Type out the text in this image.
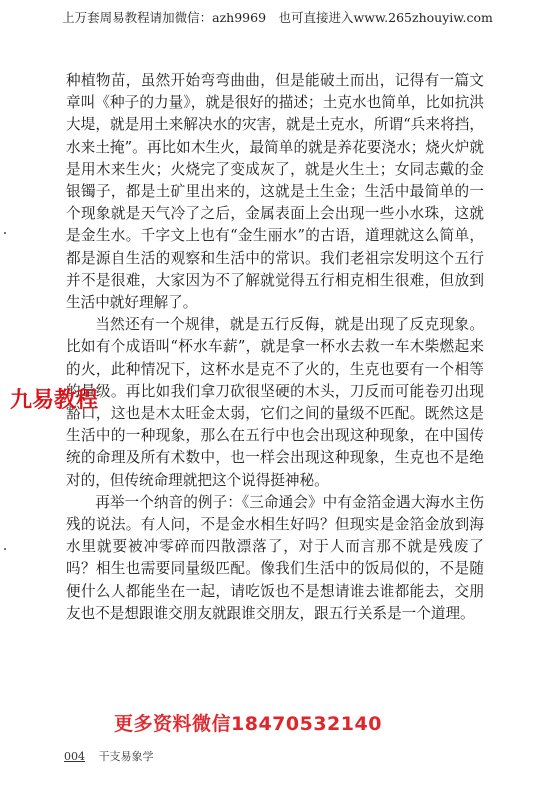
上万套周易教程请加微信：azh9969　也可直接进入www.265zhouyiw.com

种植物苗，虽然开始弯弯曲曲，但是能破土而出，记得有一篇文章叫《种子的力量》，就是很好的描述；土克水也简单，比如抗洪大堤，就是用土来解决水的灾害，就是土克水，所谓“兵来将挡，水来土掩”。再比如木生火，最简单的就是养花要浇水；烧火炉就是用木来生火；火烧完了变成灰了，就是火生土；女同志戴的金银镯子，都是土矿里出来的，这就是土生金；生活中最简单的一个现象就是天气冷了之后，金属表面上会出现一些小水珠，这就是金生水。千字文上也有“金生丽水”的古语，道理就这么简单，都是源自生活的观察和生活中的常识。我们老祖宗发明这个五行并不是很难，大家因为不了解就觉得五行相克相生很难，但放到生活中就好理解了。

当然还有一个规律，就是五行反侮，就是出现了反克现象。比如有个成语叫“杯水车薪”，就是拿一杯水去救一车木柴燃起来的火，此种情况下，这杯水是克不了火的，生克也要有一个相等的量级。再比如我们拿刀砍很坚硬的木头，刀反而可能卷刃出现豁口，这也是木太旺金太弱，它们之间的量级不匹配。既然这是生活中的一种现象，那么在五行中也会出现这种现象，在中国传统的命理及所有术数中，也一样会出现这种现象，生克也不是绝对的，但传统命理就把这个说得挺神秘。

再举一个纳音的例子：《三命通会》中有金箔金遇大海水主伤残的说法。有人问，不是金水相生好吗？但现实是金箔金放到海水里就要被冲零碎而四散漂落了，对于人而言那不就是残废了吗？相生也需要同量级匹配。像我们生活中的饭局似的，不是随便什么人都能坐在一起，请吃饭也不是想请谁去谁都能去，交朋友也不是想跟谁交朋友就跟谁交朋友，跟五行关系是一个道理。

九易教程
更多资料微信18470532140
004 干支易象学
